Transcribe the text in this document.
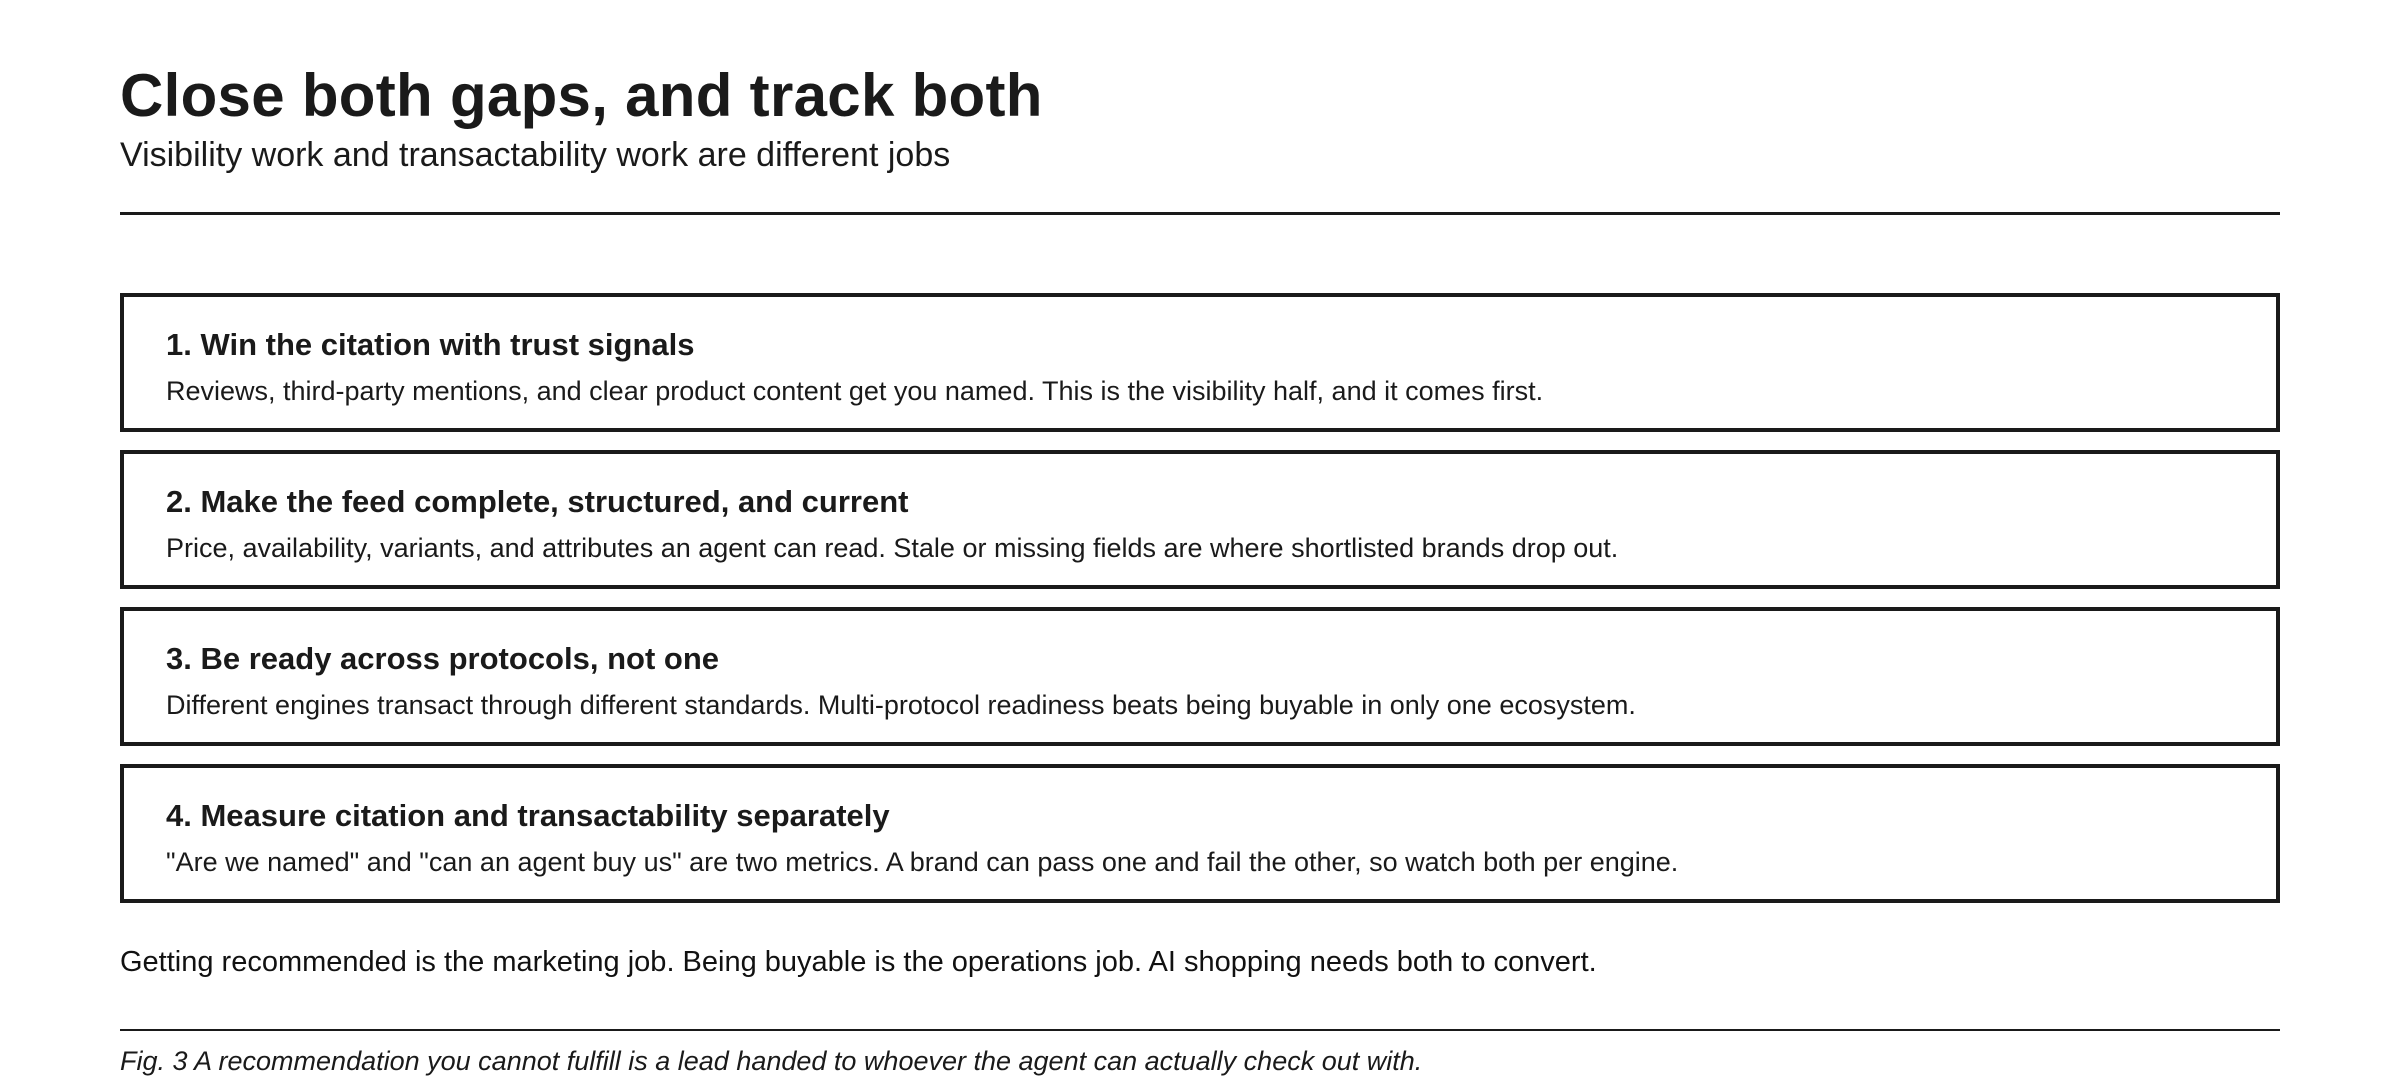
Close both gaps, and track both
Visibility work and transactability work are different jobs
1. Win the citation with trust signals

Reviews, third-party mentions, and clear product content get you named. This is the visibility half, and it comes first.

2. Make the feed complete, structured, and current

Price, availability, variants, and attributes an agent can read. Stale or missing fields are where shortlisted brands drop out.

3. Be ready across protocols, not one

Different engines transact through different standards. Multi-protocol readiness beats being buyable in only one ecosystem.

4. Measure citation and transactability separately

"Are we named" and "can an agent buy us" are two metrics. A brand can pass one and fail the other, so watch both per engine.

Getting recommended is the marketing job. Being buyable is the operations job. AI shopping needs both to convert.
Fig. 3 A recommendation you cannot fulfill is a lead handed to whoever the agent can actually check out with.
